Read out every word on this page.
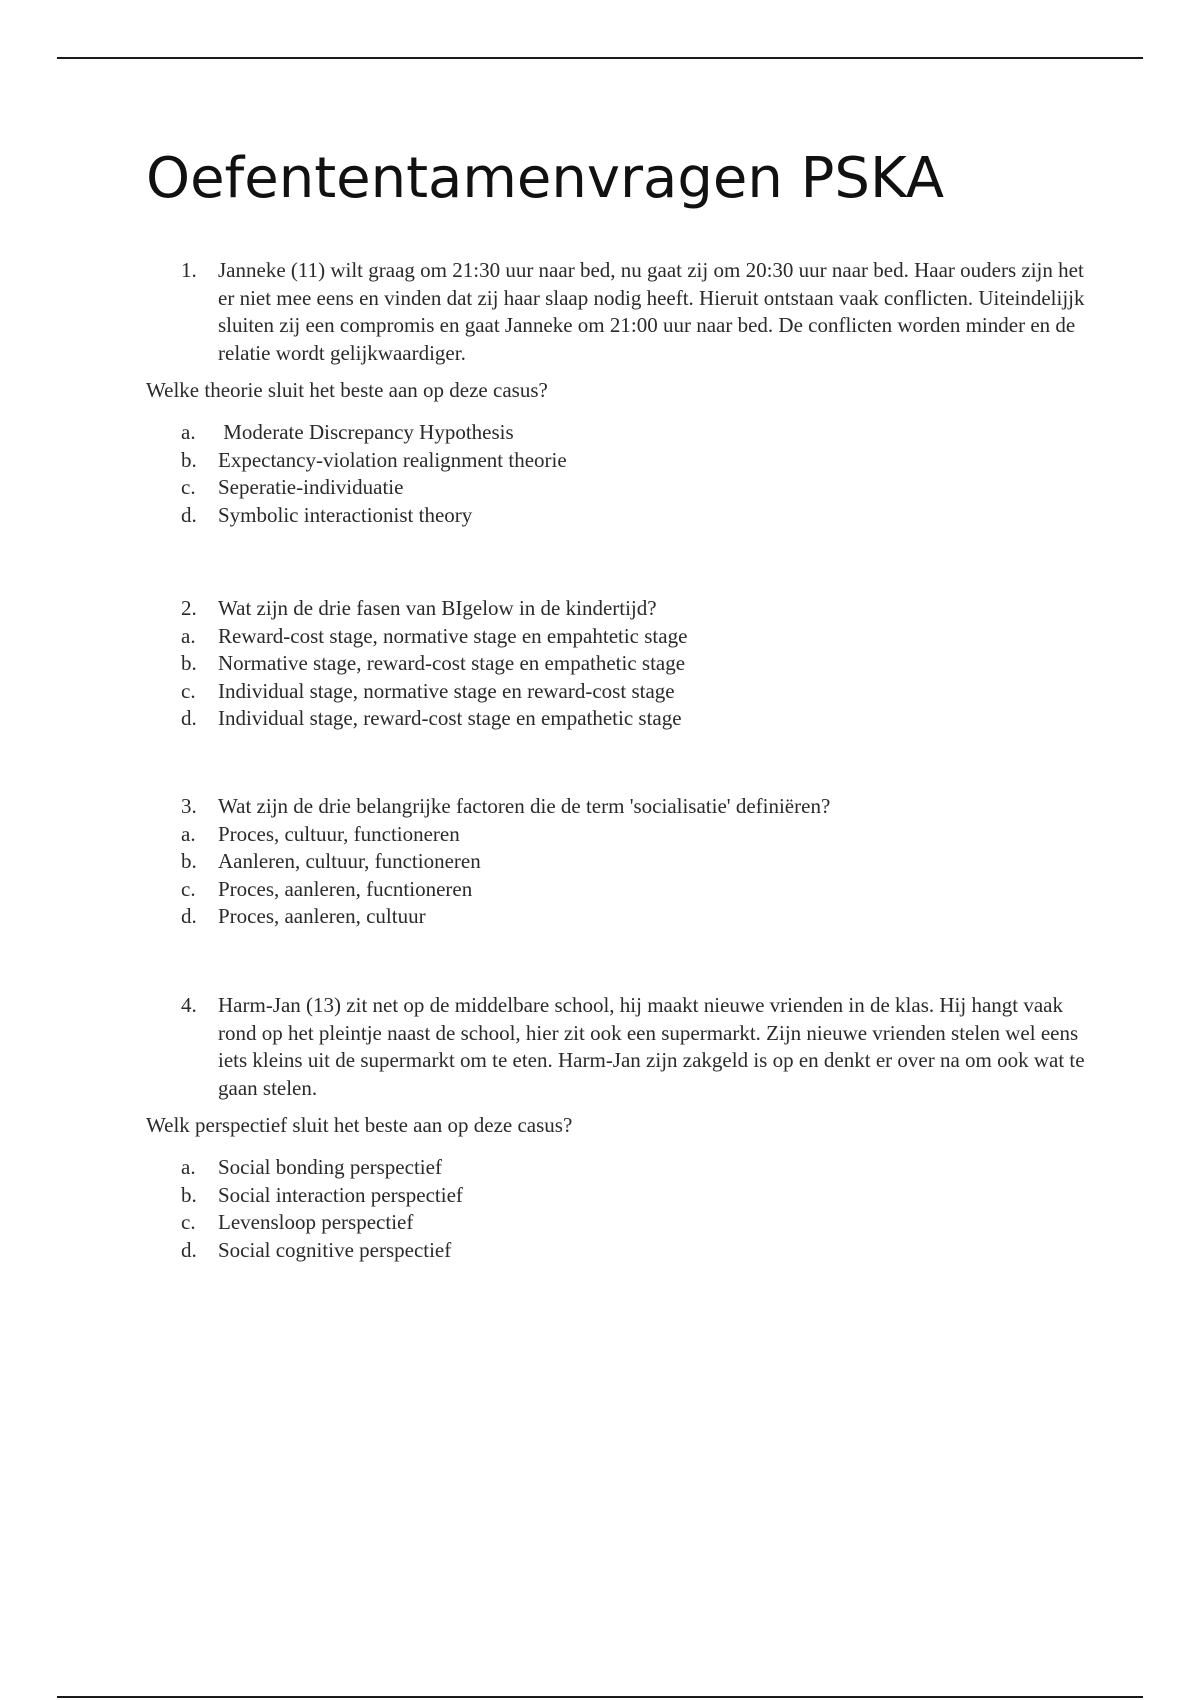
Oefententamenvragen PSKA
1. Janneke (11) wilt graag om 21:30 uur naar bed, nu gaat zij om 20:30 uur naar bed. Haar ouders zijn het er niet mee eens en vinden dat zij haar slaap nodig heeft. Hieruit ontstaan vaak conflicten. Uiteindelijjk sluiten zij een compromis en gaat Janneke om 21:00 uur naar bed. De conflicten worden minder en de relatie wordt gelijkwaardiger.
Welke theorie sluit het beste aan op deze casus?
a. Moderate Discrepancy Hypothesis
b. Expectancy-violation realignment theorie
c. Seperatie-individuatie
d. Symbolic interactionist theory
2. Wat zijn de drie fasen van BIgelow in de kindertijd?
a. Reward-cost stage, normative stage en empahtetic stage
b. Normative stage, reward-cost stage en empathetic stage
c. Individual stage, normative stage en reward-cost stage
d. Individual stage, reward-cost stage en empathetic stage
3. Wat zijn de drie belangrijke factoren die de term 'socialisatie' definiëren?
a. Proces, cultuur, functioneren
b. Aanleren, cultuur, functioneren
c. Proces, aanleren, fucntioneren
d. Proces, aanleren, cultuur
4. Harm-Jan (13) zit net op de middelbare school, hij maakt nieuwe vrienden in de klas. Hij hangt vaak rond op het pleintje naast de school, hier zit ook een supermarkt. Zijn nieuwe vrienden stelen wel eens iets kleins uit de supermarkt om te eten. Harm-Jan zijn zakgeld is op en denkt er over na om ook wat te gaan stelen.
Welk perspectief sluit het beste aan op deze casus?
a. Social bonding perspectief
b. Social interaction perspectief
c. Levensloop perspectief
d. Social cognitive perspectief
